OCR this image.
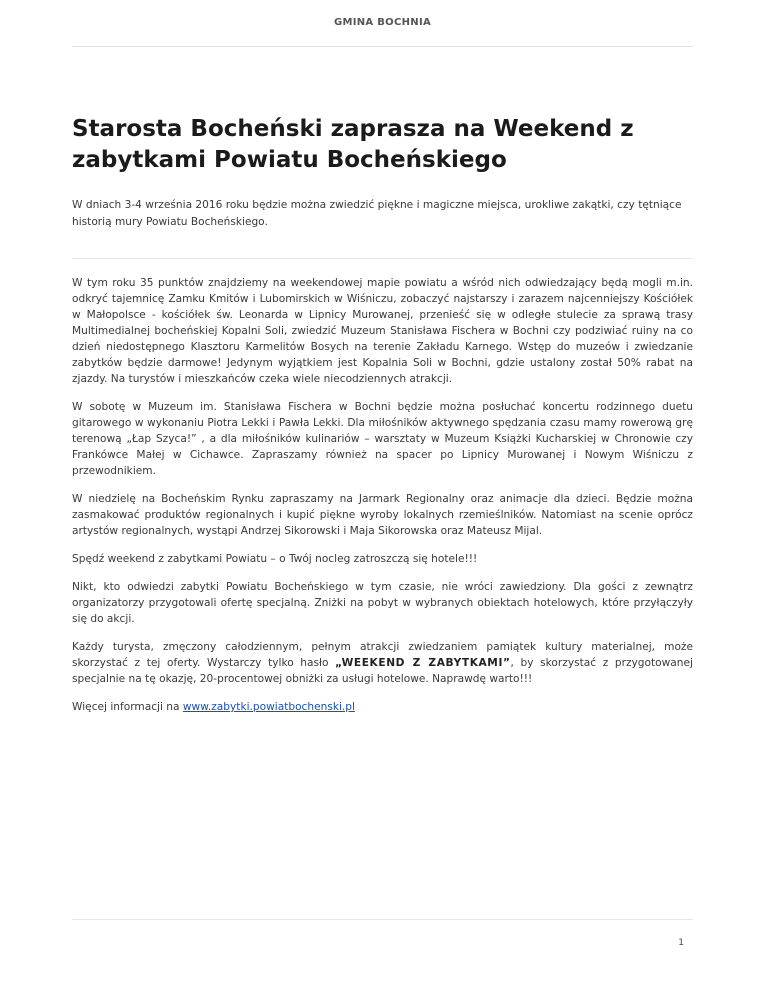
GMINA BOCHNIA
Starosta Bocheński zaprasza na Weekend z zabytkami Powiatu Bocheńskiego

W dniach 3-4 września 2016 roku będzie można zwiedzić piękne i magiczne miejsca, urokliwe zakątki, czy tętniące historią mury Powiatu Bocheńskiego.

W tym roku 35 punktów znajdziemy na weekendowej mapie powiatu a wśród nich odwiedzający będą mogli m.in. odkryć tajemnicę Zamku Kmitów i Lubomirskich w Wiśniczu, zobaczyć najstarszy i zarazem najcenniejszy Kościółek w Małopolsce - kościółek św. Leonarda w Lipnicy Murowanej, przenieść się w odległe stulecie za sprawą trasy Multimedialnej bocheńskiej Kopalni Soli, zwiedzić Muzeum Stanisława Fischera w Bochni czy podziwiać ruiny na co dzień niedostępnego Klasztoru Karmelitów Bosych na terenie Zakładu Karnego. Wstęp do muzeów i zwiedzanie zabytków będzie darmowe! Jedynym wyjątkiem jest Kopalnia Soli w Bochni, gdzie ustalony został 50% rabat na zjazdy. Na turystów i mieszkańców czeka wiele niecodziennych atrakcji.

W sobotę w Muzeum im. Stanisława Fischera w Bochni będzie można posłuchać koncertu rodzinnego duetu gitarowego w wykonaniu Piotra Lekki i Pawła Lekki. Dla miłośników aktywnego spędzania czasu mamy rowerową grę terenową „Łap Szyca!” , a dla miłośników kulinariów – warsztaty w Muzeum Książki Kucharskiej w Chronowie czy Frankówce Małej w Cichawce. Zapraszamy również na spacer po Lipnicy Murowanej i Nowym Wiśniczu z przewodnikiem.

W niedzielę na Bocheńskim Rynku zapraszamy na Jarmark Regionalny oraz animacje dla dzieci. Będzie można zasmakować produktów regionalnych i kupić piękne wyroby lokalnych rzemieślników. Natomiast na scenie oprócz artystów regionalnych, wystąpi Andrzej Sikorowski i Maja Sikorowska oraz Mateusz Mijal.

Spędź weekend z zabytkami Powiatu – o Twój nocleg zatroszczą się hotele!!!

Nikt, kto odwiedzi zabytki Powiatu Bocheńskiego w tym czasie, nie wróci zawiedziony. Dla gości z zewnątrz organizatorzy przygotowali ofertę specjalną. Zniżki na pobyt w wybranych obiektach hotelowych, które przyłączyły się do akcji.

Każdy turysta, zmęczony całodziennym, pełnym atrakcji zwiedzaniem pamiątek kultury materialnej, może skorzystać z tej oferty. Wystarczy tylko hasło „WEEKEND Z ZABYTKAMI”, by skorzystać z przygotowanej specjalnie na tę okazję, 20-procentowej obniżki za usługi hotelowe. Naprawdę warto!!!

Więcej informacji na www.zabytki.powiatbochenski.pl

1
